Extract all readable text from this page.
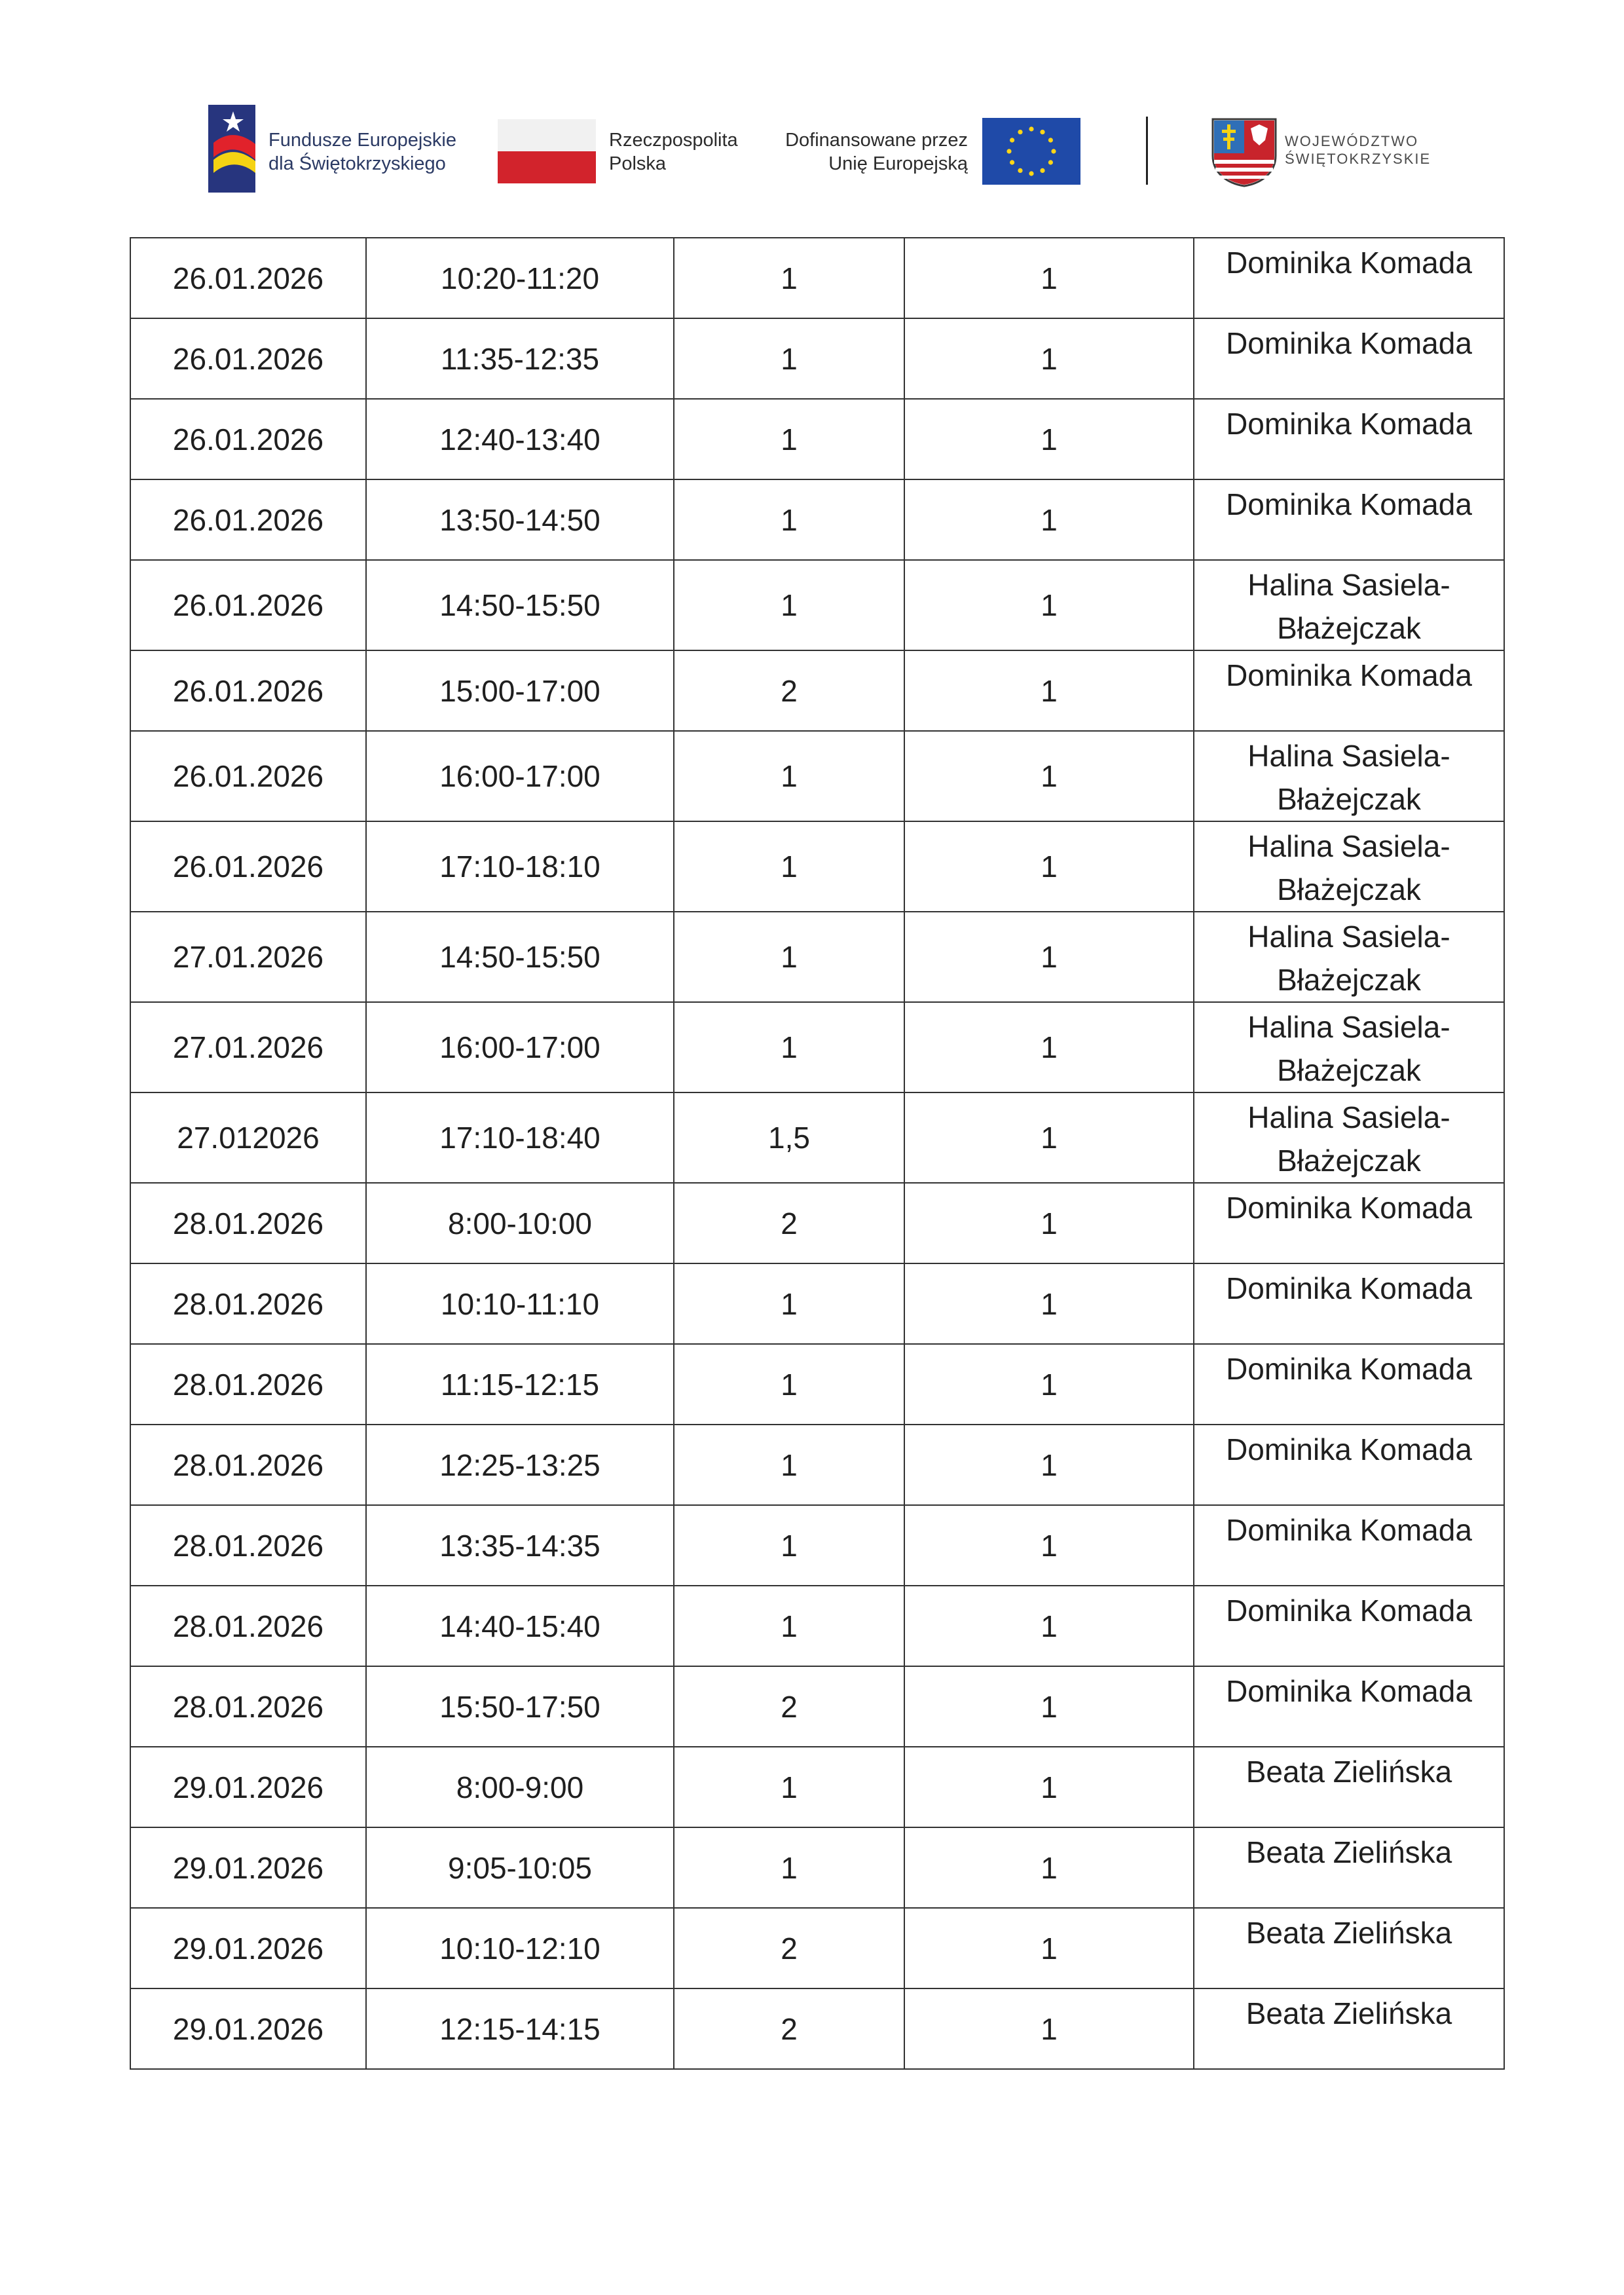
Fundusze Europejskie
dla Świętokrzyskiego
Rzeczpospolita
Polska
Dofinansowane przez
Unię Europejską
WOJEWÓDZTWO
ŚWIĘTOKRZYSKIE
26.01.2026	10:20-11:20	1	1	Dominika Komada

26.01.2026	11:35-12:35	1	1	Dominika Komada

26.01.2026	12:40-13:40	1	1	Dominika Komada

26.01.2026	13:50-14:50	1	1	Dominika Komada

26.01.2026	14:50-15:50	1	1	Halina Sasiela-
Błażejczak

26.01.2026	15:00-17:00	2	1	Dominika Komada

26.01.2026	16:00-17:00	1	1	Halina Sasiela-
Błażejczak

26.01.2026	17:10-18:10	1	1	Halina Sasiela-
Błażejczak

27.01.2026	14:50-15:50	1	1	Halina Sasiela-
Błażejczak

27.01.2026	16:00-17:00	1	1	Halina Sasiela-
Błażejczak

27.012026	17:10-18:40	1,5	1	Halina Sasiela-
Błażejczak

28.01.2026	8:00-10:00	2	1	Dominika Komada

28.01.2026	10:10-11:10	1	1	Dominika Komada

28.01.2026	11:15-12:15	1	1	Dominika Komada

28.01.2026	12:25-13:25	1	1	Dominika Komada

28.01.2026	13:35-14:35	1	1	Dominika Komada

28.01.2026	14:40-15:40	1	1	Dominika Komada

28.01.2026	15:50-17:50	2	1	Dominika Komada

29.01.2026	8:00-9:00	1	1	Beata Zielińska

29.01.2026	9:05-10:05	1	1	Beata Zielińska

29.01.2026	10:10-12:10	2	1	Beata Zielińska

29.01.2026	12:15-14:15	2	1	Beata Zielińska
